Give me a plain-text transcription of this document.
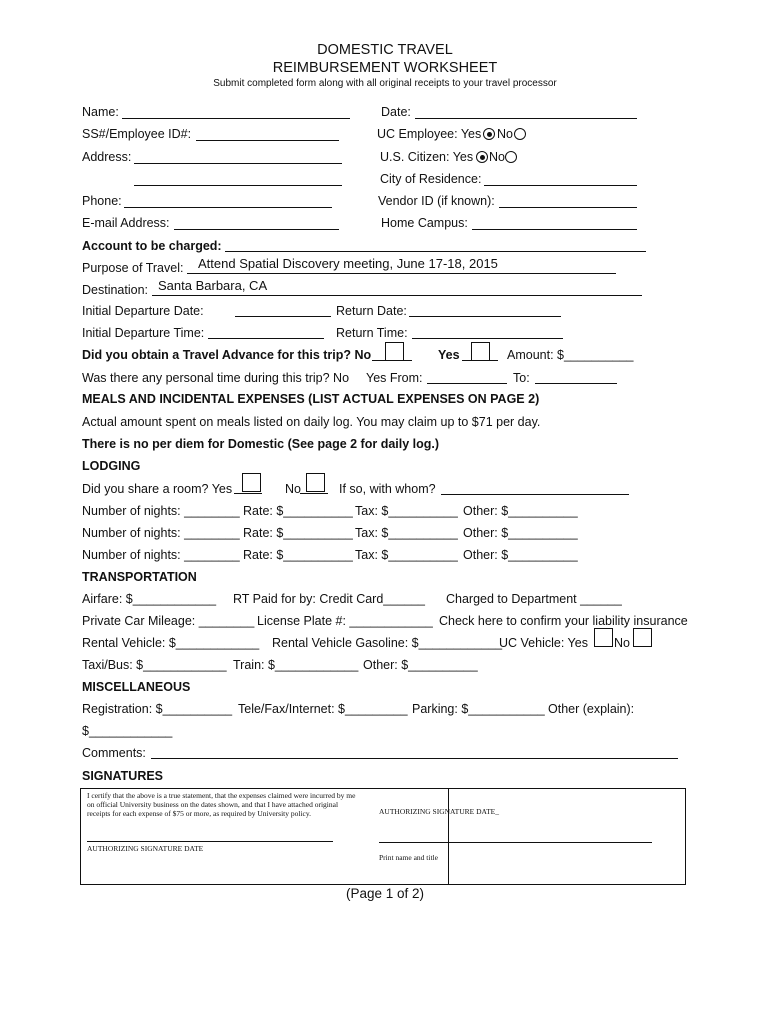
DOMESTIC TRAVEL
REIMBURSEMENT WORKSHEET
Submit completed form along with all original receipts to your travel processor
Name:	Date:
SS#/Employee ID#:	UC Employee: Yes No
Address:	U.S. Citizen: Yes No
City of Residence:
Phone:	Vendor ID (if known):
E-mail Address:	Home Campus:
Account to be charged:
Purpose of Travel: Attend Spatial Discovery meeting, June 17-18, 2015
Destination: Santa Barbara, CA
Initial Departure Date:	Return Date:
Initial Departure Time:	Return Time:
Did you obtain a Travel Advance for this trip? No	Yes	Amount: $__________
Was there any personal time during this trip? No Yes From:	To:
MEALS AND INCIDENTAL EXPENSES (LIST ACTUAL EXPENSES ON PAGE 2)
Actual amount spent on meals listed on daily log. You may claim up to $71 per day.
There is no per diem for Domestic (See page 2 for daily log.)
LODGING
Did you share a room? Yes	No	If so, with whom?
Number of nights: ________ Rate: $__________ Tax: $__________ Other: $__________
Number of nights: ________ Rate: $__________ Tax: $__________ Other: $__________
Number of nights: ________ Rate: $__________ Tax: $__________ Other: $__________
TRANSPORTATION
Airfare: $____________ RT Paid for by: Credit Card______ Charged to Department ______
Private Car Mileage: ________ License Plate #: ____________ Check here to confirm your liability insurance
Rental Vehicle: $____________ Rental Vehicle Gasoline: $____________
UC Vehicle: Yes No
Taxi/Bus: $____________ Train: $____________ Other: $__________
MISCELLANEOUS
Registration: $__________ Tele/Fax/Internet: $_________ Parking: $___________ Other (explain):
$____________
Comments:
SIGNATURES
I certify that the above is a true statement, that the expenses claimed were incurred by me on official University business on the dates shown, and that I have attached original receipts for each expense of $75 or more, as required by University policy.
AUTHORIZING SIGNATURE DATE
AUTHORIZING SIGNATURE DATE_
Print name and title
(Page 1 of 2)
